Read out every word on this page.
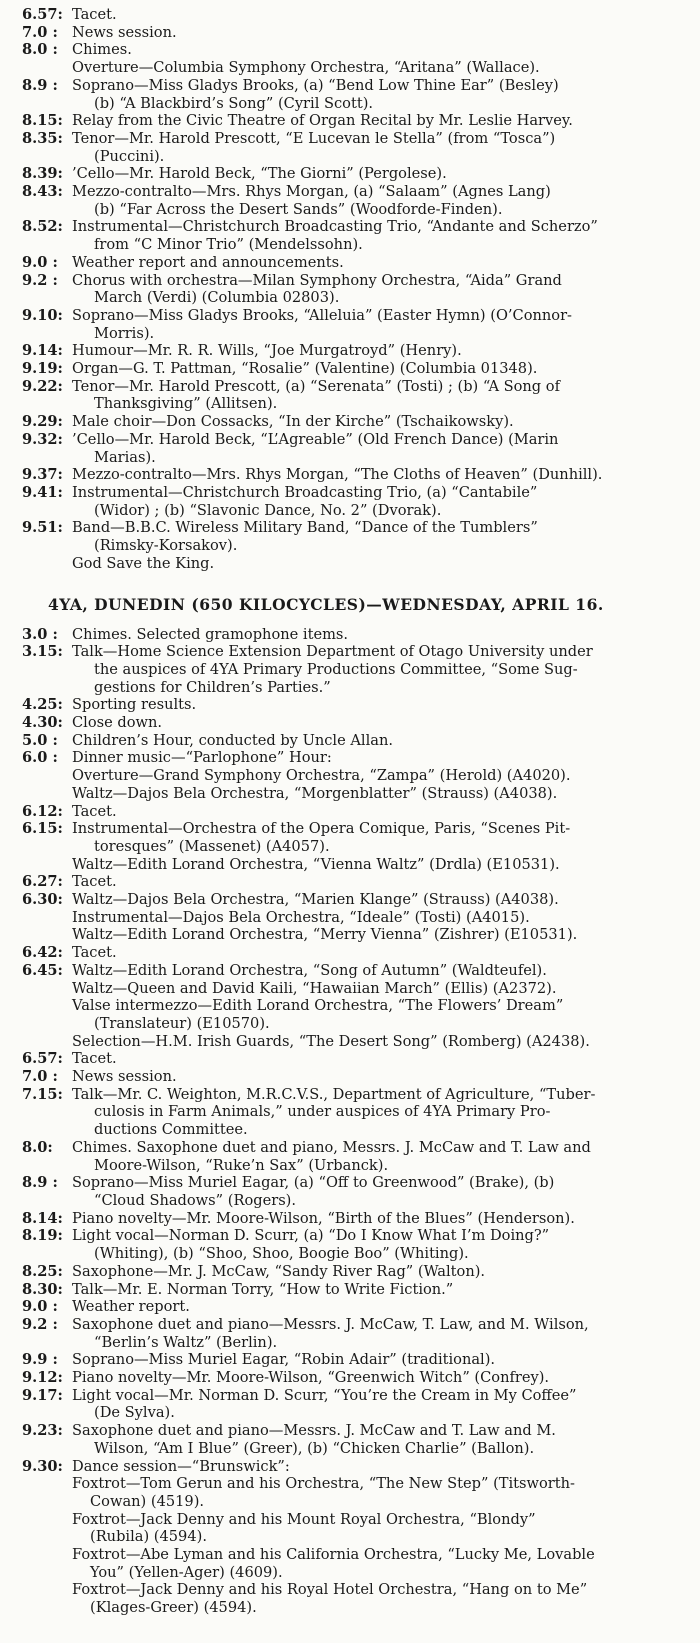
6.57: Tacet.
7.0 : News session.
8.0 : Chimes.
Overture—Columbia Symphony Orchestra, “Aritana” (Wallace).
8.9 : Soprano—Miss Gladys Brooks, (a) “Bend Low Thine Ear” (Besley)
(b) “A Blackbird’s Song” (Cyril Scott).
8.15: Relay from the Civic Theatre of Organ Recital by Mr. Leslie Harvey.
8.35: Tenor—Mr. Harold Prescott, “E Lucevan le Stella” (from “Tosca”)
(Puccini).
8.39: ’Cello—Mr. Harold Beck, “The Giorni” (Pergolese).
8.43: Mezzo-contralto—Mrs. Rhys Morgan, (a) “Salaam” (Agnes Lang)
(b) “Far Across the Desert Sands” (Woodforde-Finden).
8.52: Instrumental—Christchurch Broadcasting Trio, “Andante and Scherzo”
from “C Minor Trio” (Mendelssohn).
9.0 : Weather report and announcements.
9.2 : Chorus with orchestra—Milan Symphony Orchestra, “Aida” Grand
March (Verdi) (Columbia 02803).
9.10: Soprano—Miss Gladys Brooks, “Alleluia” (Easter Hymn) (O’Connor-
Morris).
9.14: Humour—Mr. R. R. Wills, “Joe Murgatroyd” (Henry).
9.19: Organ—G. T. Pattman, “Rosalie” (Valentine) (Columbia 01348).
9.22: Tenor—Mr. Harold Prescott, (a) “Serenata” (Tosti) ; (b) “A Song of
Thanksgiving” (Allitsen).
9.29: Male choir—Don Cossacks, “In der Kirche” (Tschaikowsky).
9.32: ’Cello—Mr. Harold Beck, “L’Agreable” (Old French Dance) (Marin
Marias).
9.37: Mezzo-contralto—Mrs. Rhys Morgan, “The Cloths of Heaven” (Dunhill).
9.41: Instrumental—Christchurch Broadcasting Trio, (a) “Cantabile”
(Widor) ; (b) “Slavonic Dance, No. 2” (Dvorak).
9.51: Band—B.B.C. Wireless Military Band, “Dance of the Tumblers”
(Rimsky-Korsakov).
God Save the King.
4YA, DUNEDIN (650 KILOCYCLES)—WEDNESDAY, APRIL 16.
3.0 : Chimes. Selected gramophone items.
3.15: Talk—Home Science Extension Department of Otago University under
the auspices of 4YA Primary Productions Committee, “Some Sug-
gestions for Children’s Parties.”
4.25: Sporting results.
4.30: Close down.
5.0 : Children’s Hour, conducted by Uncle Allan.
6.0 : Dinner music—“Parlophone” Hour:
Overture—Grand Symphony Orchestra, “Zampa” (Herold) (A4020).
Waltz—Dajos Bela Orchestra, “Morgenblatter” (Strauss) (A4038).
6.12: Tacet.
6.15: Instrumental—Orchestra of the Opera Comique, Paris, “Scenes Pit-
toresques” (Massenet) (A4057).
Waltz—Edith Lorand Orchestra, “Vienna Waltz” (Drdla) (E10531).
6.27: Tacet.
6.30: Waltz—Dajos Bela Orchestra, “Marien Klange” (Strauss) (A4038).
Instrumental—Dajos Bela Orchestra, “Ideale” (Tosti) (A4015).
Waltz—Edith Lorand Orchestra, “Merry Vienna” (Zishrer) (E10531).
6.42: Tacet.
6.45: Waltz—Edith Lorand Orchestra, “Song of Autumn” (Waldteufel).
Waltz—Queen and David Kaili, “Hawaiian March” (Ellis) (A2372).
Valse intermezzo—Edith Lorand Orchestra, “The Flowers’ Dream”
(Translateur) (E10570).
Selection—H.M. Irish Guards, “The Desert Song” (Romberg) (A2438).
6.57: Tacet.
7.0 : News session.
7.15: Talk—Mr. C. Weighton, M.R.C.V.S., Department of Agriculture, “Tuber-
culosis in Farm Animals,” under auspices of 4YA Primary Pro-
ductions Committee.
8.0:	Chimes. Saxophone duet and piano, Messrs. J. McCaw and T. Law and
Moore-Wilson, “Ruke’n Sax” (Urbanck).
8.9 : Soprano—Miss Muriel Eagar, (a) “Off to Greenwood” (Brake), (b)
“Cloud Shadows” (Rogers).
8.14: Piano novelty—Mr. Moore-Wilson, “Birth of the Blues” (Henderson).
8.19: Light vocal—Norman D. Scurr, (a) “Do I Know What I’m Doing?”
(Whiting), (b) “Shoo, Shoo, Boogie Boo” (Whiting).
8.25: Saxophone—Mr. J. McCaw, “Sandy River Rag” (Walton).
8.30: Talk—Mr. E. Norman Torry, “How to Write Fiction.”
9.0 : Weather report.
9.2 : Saxophone duet and piano—Messrs. J. McCaw, T. Law, and M. Wilson,
“Berlin’s Waltz” (Berlin).
9.9 : Soprano—Miss Muriel Eagar, “Robin Adair” (traditional).
9.12: Piano novelty—Mr. Moore-Wilson, “Greenwich Witch” (Confrey).
9.17: Light vocal—Mr. Norman D. Scurr, “You’re the Cream in My Coffee”
(De Sylva).
9.23: Saxophone duet and piano—Messrs. J. McCaw and T. Law and M.
Wilson, “Am I Blue” (Greer), (b) “Chicken Charlie” (Ballon).
9.30: Dance session—“Brunswick”:
Foxtrot—Tom Gerun and his Orchestra, “The New Step” (Titsworth-
Cowan) (4519).
Foxtrot—Jack Denny and his Mount Royal Orchestra, “Blondy”
(Rubila) (4594).
Foxtrot—Abe Lyman and his California Orchestra, “Lucky Me, Lovable
You” (Yellen-Ager) (4609).
Foxtrot—Jack Denny and his Royal Hotel Orchestra, “Hang on to Me”
(Klages-Greer) (4594).
